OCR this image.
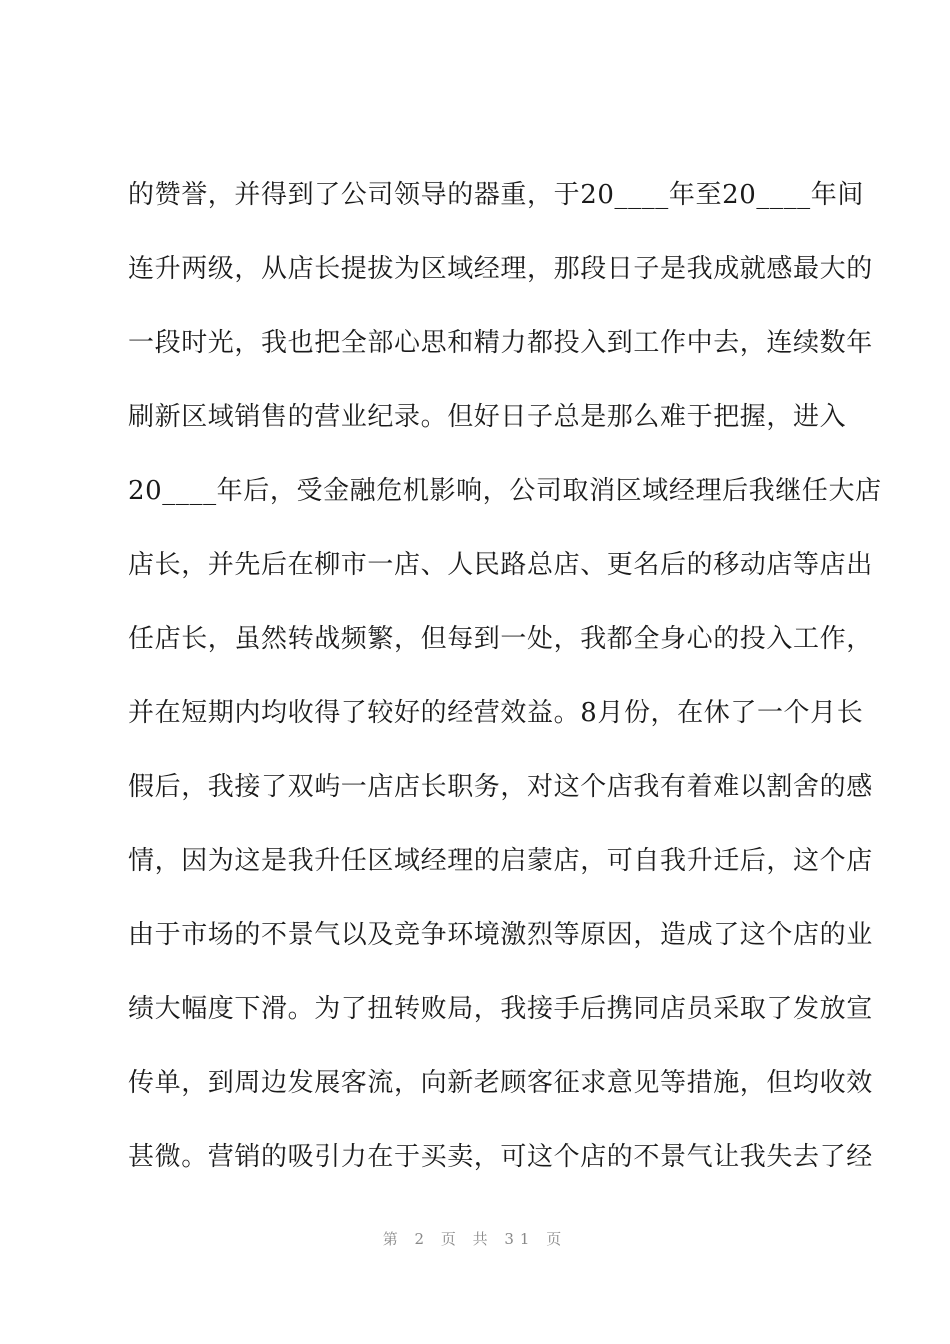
的赞誉，并得到了公司领导的器重，于20____年至20____年间
连升两级，从店长提拔为区域经理，那段日子是我成就感最大的
一段时光，我也把全部心思和精力都投入到工作中去，连续数年
刷新区域销售的营业纪录。但好日子总是那么难于把握，进入
20____年后，受金融危机影响，公司取消区域经理后我继任大店
店长，并先后在柳市一店、人民路总店、更名后的移动店等店出
任店长，虽然转战频繁，但每到一处，我都全身心的投入工作，
并在短期内均收得了较好的经营效益。8月份，在休了一个月长
假后，我接了双屿一店店长职务，对这个店我有着难以割舍的感
情，因为这是我升任区域经理的启蒙店，可自我升迁后，这个店
由于市场的不景气以及竞争环境激烈等原因，造成了这个店的业
绩大幅度下滑。为了扭转败局，我接手后携同店员采取了发放宣
传单，到周边发展客流，向新老顾客征求意见等措施，但均收效
甚微。营销的吸引力在于买卖，可这个店的不景气让我失去了经
第 2 页 共 31 页
